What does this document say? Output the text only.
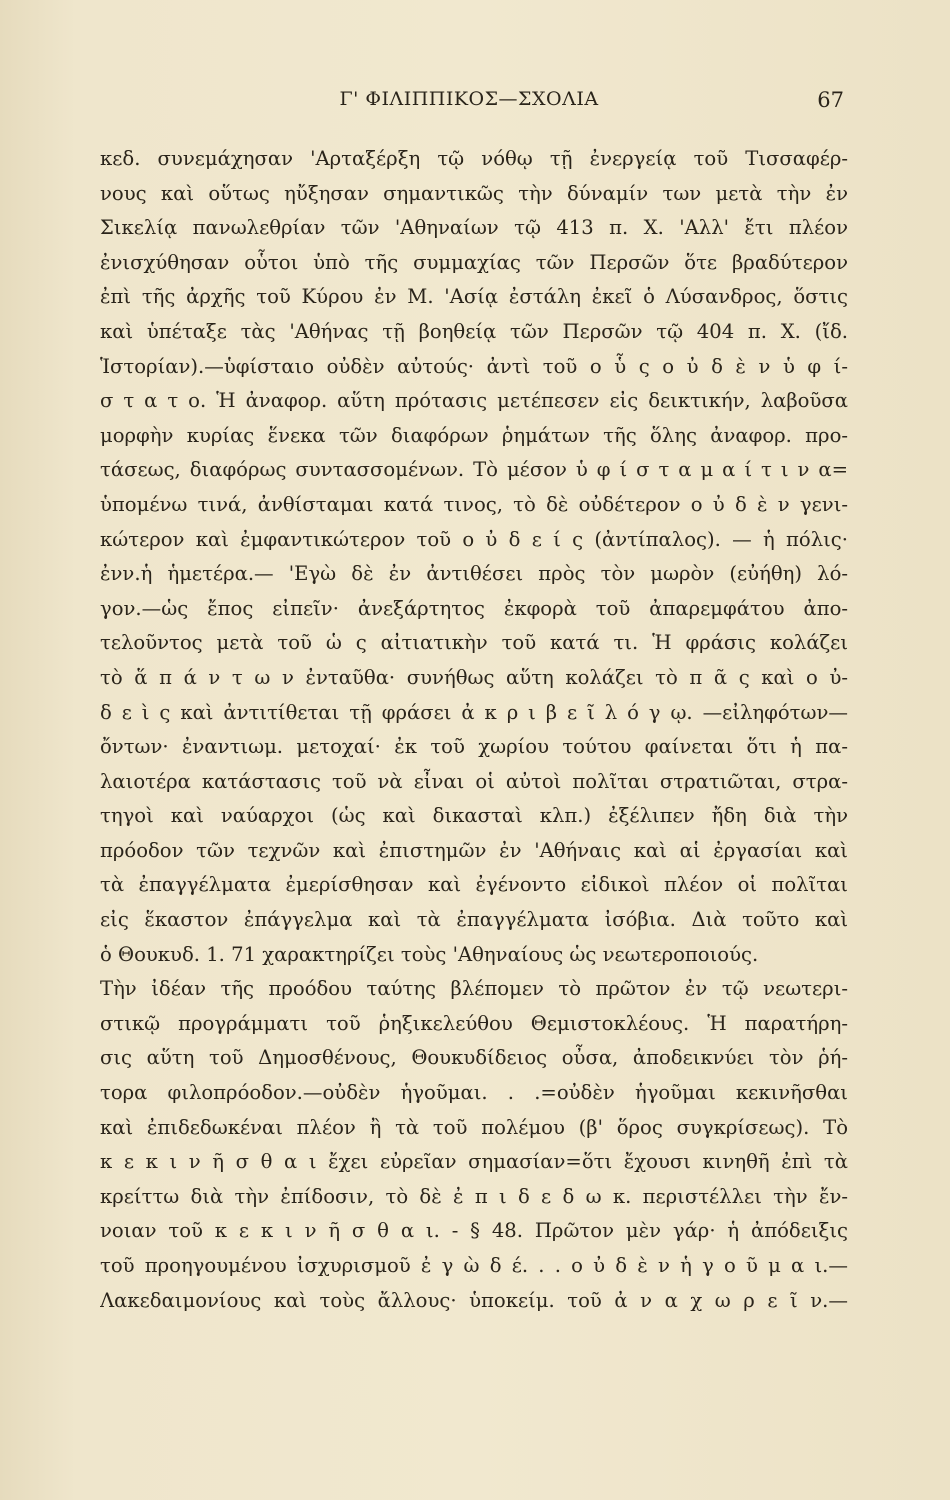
Γ' ΦΙΛΙΠΠΙΚΟΣ—ΣΧΟΛΙΑ	67
κεδ. συνεμάχησαν 'Αρταξέρξη τῷ νόθῳ τῇ ἐνεργείᾳ τοῦ Τισσαφέρ-
νους καὶ οὕτως ηὔξησαν σημαντικῶς τὴν δύναμίν των μετὰ τὴν ἐν
Σικελίᾳ πανωλεθρίαν τῶν 'Αθηναίων τῷ 413 π. Χ. 'Αλλ' ἔτι πλέον
ἐνισχύθησαν οὗτοι ὑπὸ τῆς συμμαχίας τῶν Περσῶν ὅτε βραδύτερον
ἐπὶ τῆς ἀρχῆς τοῦ Κύρου ἐν Μ. 'Ασίᾳ ἐστάλη ἐκεῖ ὁ Λύσανδρος, ὅστις
καὶ ὑπέταξε τὰς 'Αθήνας τῇ βοηθείᾳ τῶν Περσῶν τῷ 404 π. Χ. (ἴδ.
Ἱστορίαν).—ὑφίσταιο οὐδὲν αὐτούς· ἀντὶ τοῦ ο ὗ ς ο ὐ δ ὲ ν ὑ φ ί-
σ τ α τ ο. Ἡ ἀναφορ. αὕτη πρότασις μετέπεσεν εἰς δεικτικήν, λαβοῦσα
μορφὴν κυρίας ἕνεκα τῶν διαφόρων ῥημάτων τῆς ὅλης ἀναφορ. προ-
τάσεως, διαφόρως συντασσομένων. Τὸ μέσον ὑ φ ί σ τ α μ α ί τ ι ν α=
ὑπομένω τινά, ἀνθίσταμαι κατά τινος, τὸ δὲ οὐδέτερον ο ὐ δ ὲ ν γενι-
κώτερον καὶ ἐμφαντικώτερον τοῦ ο ὐ δ ε ί ς (ἀντίπαλος). — ἡ πόλις·
ἐνν.ἡ ἡμετέρα.— 'Εγὼ δὲ ἐν ἀντιθέσει πρὸς τὸν μωρὸν (εὐήθη) λό-
γον.—ὡς ἔπος εἰπεῖν· ἀνεξάρτητος ἐκφορὰ τοῦ ἀπαρεμφάτου ἀπο-
τελοῦντος μετὰ τοῦ ὡ ς αἰτιατικὴν τοῦ κατά τι. Ἡ φράσις κολάζει
τὸ ἅ π ά ν τ ω ν ἐνταῦθα· συνήθως αὕτη κολάζει τὸ π ᾶ ς καὶ ο ὐ-
δ ε ὶ ς καὶ ἀντιτίθεται τῇ φράσει ἀ κ ρ ι β ε ῖ λ ό γ ῳ. —εἰληφότων—
ὄντων· ἐναντιωμ. μετοχαί· ἐκ τοῦ χωρίου τούτου φαίνεται ὅτι ἡ πα-
λαιοτέρα κατάστασις τοῦ νὰ εἶναι οἱ αὐτοὶ πολῖται στρατιῶται, στρα-
τηγοὶ καὶ ναύαρχοι (ὡς καὶ δικασταὶ κλπ.) ἐξέλιπεν ἤδη διὰ τὴν
πρόοδον τῶν τεχνῶν καὶ ἐπιστημῶν ἐν 'Αθήναις καὶ αἱ ἐργασίαι καὶ
τὰ ἐπαγγέλματα ἐμερίσθησαν καὶ ἐγένοντο εἰδικοὶ πλέον οἱ πολῖται
εἰς ἕκαστον ἐπάγγελμα καὶ τὰ ἐπαγγέλματα ἰσόβια. Διὰ τοῦτο καὶ
ὁ Θουκυδ. 1. 71 χαρακτηρίζει τοὺς 'Αθηναίους ὡς νεωτεροποιούς.
Τὴν ἰδέαν τῆς προόδου ταύτης βλέπομεν τὸ πρῶτον ἐν τῷ νεωτερι-
στικῷ προγράμματι τοῦ ῥηξικελεύθου Θεμιστοκλέους. Ἡ παρατήρη-
σις αὕτη τοῦ Δημοσθένους, Θουκυδίδειος οὖσα, ἀποδεικνύει τὸν ῥή-
τορα φιλοπρόοδον.—οὐδὲν ἡγοῦμαι. . .=οὐδὲν ἡγοῦμαι κεκινῆσθαι
καὶ ἐπιδεδωκέναι πλέον ἢ τὰ τοῦ πολέμου (β' ὅρος συγκρίσεως). Τὸ
κ ε κ ι ν ῆ σ θ α ι ἔχει εὐρεῖαν σημασίαν=ὅτι ἔχουσι κινηθῆ ἐπὶ τὰ
κρείττω διὰ τὴν ἐπίδοσιν, τὸ δὲ ἐ π ι δ ε δ ω κ. περιστέλλει τὴν ἔν-
νοιαν τοῦ κ ε κ ι ν ῆ σ θ α ι. - § 48. Πρῶτον μὲν γάρ· ἡ ἀπόδειξις
τοῦ προηγουμένου ἰσχυρισμοῦ ἐ γ ὼ δ έ. . . ο ὐ δ ὲ ν ἡ γ ο ῦ μ α ι.—
Λακεδαιμονίους καὶ τοὺς ἄλλους· ὑποκείμ. τοῦ ἀ ν α χ ω ρ ε ῖ ν.—
